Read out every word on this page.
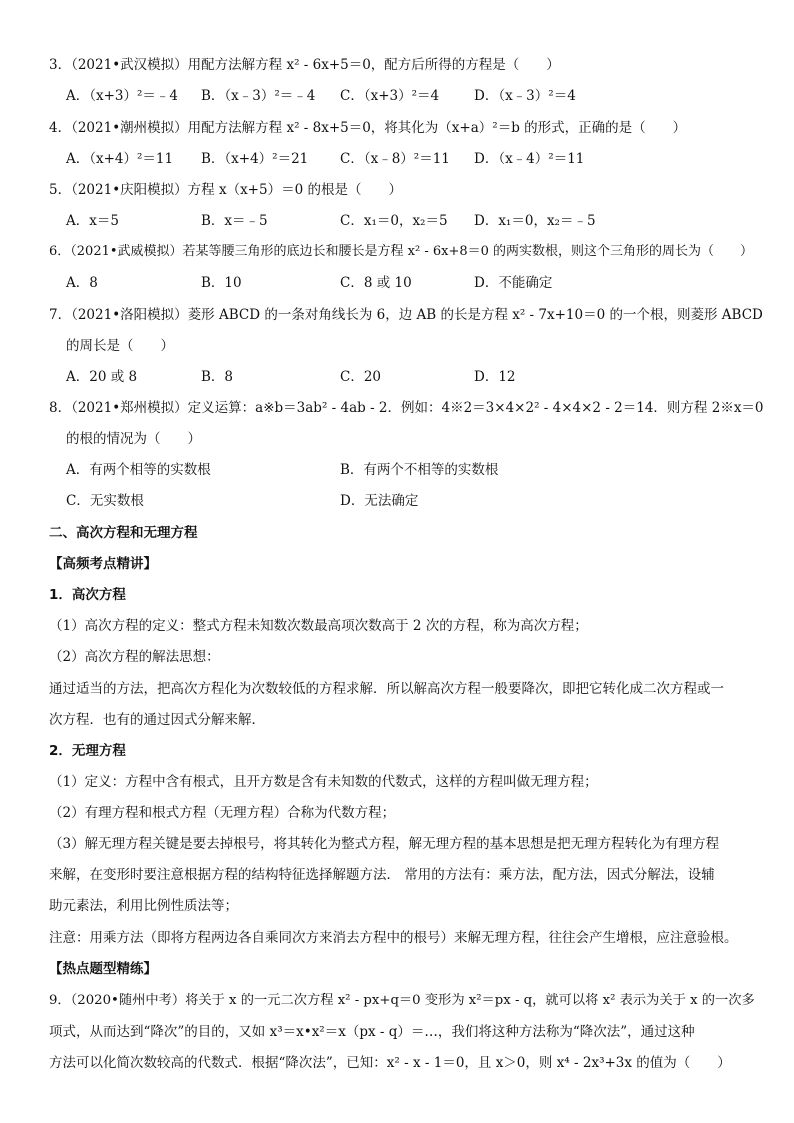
3．（2021•武汉模拟）用配方法解方程 x² - 6x+5＝0，配方后所得的方程是（　　）
A．（x+3）²＝﹣4 B．（x﹣3）²＝﹣4 C．（x+3）²＝4	D．（x﹣3）²＝4
4．（2021•潮州模拟）用配方法解方程 x² - 8x+5＝0，将其化为（x+a）²＝b 的形式，正确的是（　　）
A．（x+4）²＝11 B．（x+4）²＝21 C．（x﹣8）²＝11 D．（x﹣4）²＝11
5．（2021•庆阳模拟）方程 x（x+5）＝0 的根是（　　）
A．x＝5	B．x＝﹣5	C．x₁＝0，x₂＝5 D．x₁＝0，x₂＝﹣5
6．（2021•武威模拟）若某等腰三角形的底边长和腰长是方程 x² - 6x+8＝0 的两实数根，则这个三角形的周长为（　　）
A．8	B．10	C．8 或 10	D．不能确定
7．（2021•洛阳模拟）菱形 ABCD 的一条对角线长为 6，边 AB 的长是方程 x² - 7x+10＝0 的一个根，则菱形 ABCD
的周长是（　　）
A．20 或 8	B．8	C．20	D．12
8．（2021•郑州模拟）定义运算：a※b＝3ab² - 4ab - 2．例如：4※2＝3×4×2² - 4×4×2 - 2＝14．则方程 2※x＝0
的根的情况为（　　）
A．有两个相等的实数根	B．有两个不相等的实数根
C．无实数根	D．无法确定
二、高次方程和无理方程
【高频考点精讲】
1．高次方程
（1）高次方程的定义：整式方程未知数次数最高项次数高于 2 次的方程，称为高次方程；
（2）高次方程的解法思想：
通过适当的方法，把高次方程化为次数较低的方程求解．所以解高次方程一般要降次，即把它转化成二次方程或一
次方程．也有的通过因式分解来解．
2．无理方程
（1）定义：方程中含有根式，且开方数是含有未知数的代数式，这样的方程叫做无理方程；
（2）有理方程和根式方程（无理方程）合称为代数方程；
（3）解无理方程关键是要去掉根号，将其转化为整式方程，解无理方程的基本思想是把无理方程转化为有理方程
来解，在变形时要注意根据方程的结构特征选择解题方法． 常用的方法有：乘方法，配方法，因式分解法，设辅
助元素法，利用比例性质法等；
注意：用乘方法（即将方程两边各自乘同次方来消去方程中的根号）来解无理方程，往往会产生增根，应注意验根。
【热点题型精练】
9．（2020•随州中考）将关于 x 的一元二次方程 x² - px+q＝0 变形为 x²＝px - q，就可以将 x² 表示为关于 x 的一次多
项式，从而达到“降次”的目的，又如 x³＝x•x²＝x（px - q）＝…，我们将这种方法称为“降次法”，通过这种
方法可以化简次数较高的代数式．根据“降次法”，已知：x² - x - 1＝0，且 x＞0，则 x⁴ - 2x³+3x 的值为（　　）
